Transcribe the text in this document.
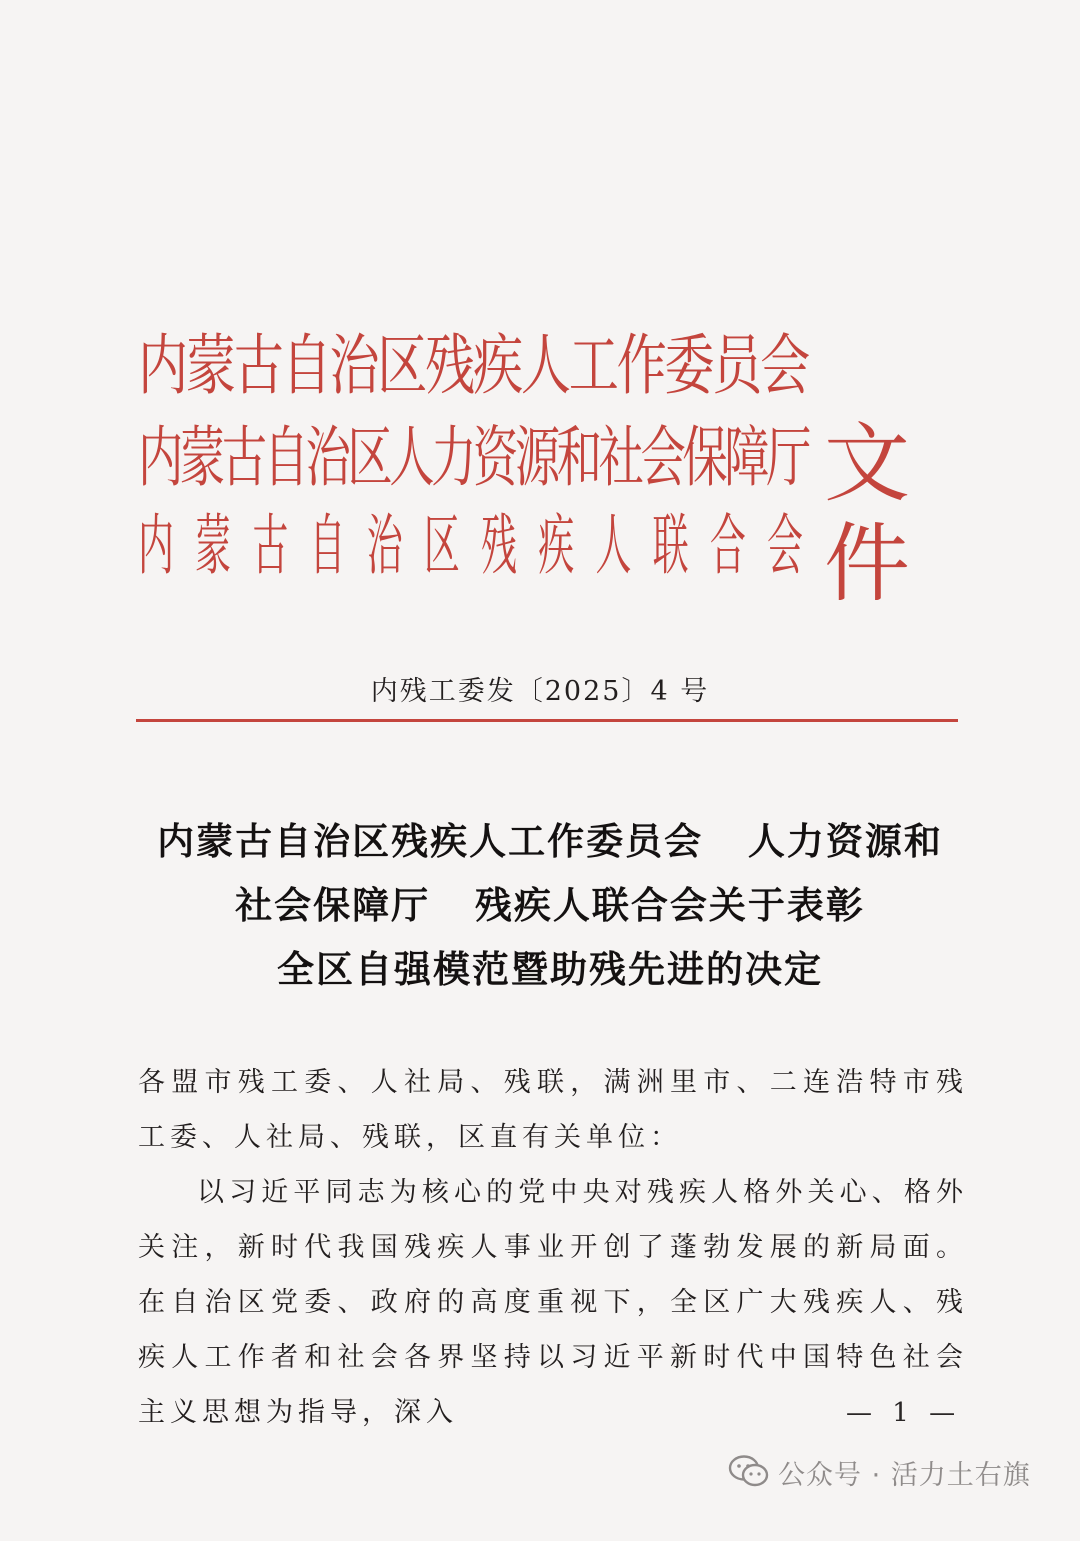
内蒙古自治区残疾人工作委员会
内蒙古自治区人力资源和社会保障厅
内 蒙 古 自 治 区 残 疾 人 联 合 会
文件
内残工委发〔2025〕4 号
内蒙古自治区残疾人工作委员会   人力资源和
社会保障厅   残疾人联合会关于表彰
全区自强模范暨助残先进的决定

各盟市残工委、人社局、残联，满洲里市、二连浩特市残工委、人社局、残联，区直有关单位：

以习近平同志为核心的党中央对残疾人格外关心、格外关注，新时代我国残疾人事业开创了蓬勃发展的新局面。在自治区党委、政府的高度重视下，全区广大残疾人、残疾人工作者和社会各界坚持以习近平新时代中国特色社会主义思想为指导，深入	— 1 —
公众号 · 活力土右旗
